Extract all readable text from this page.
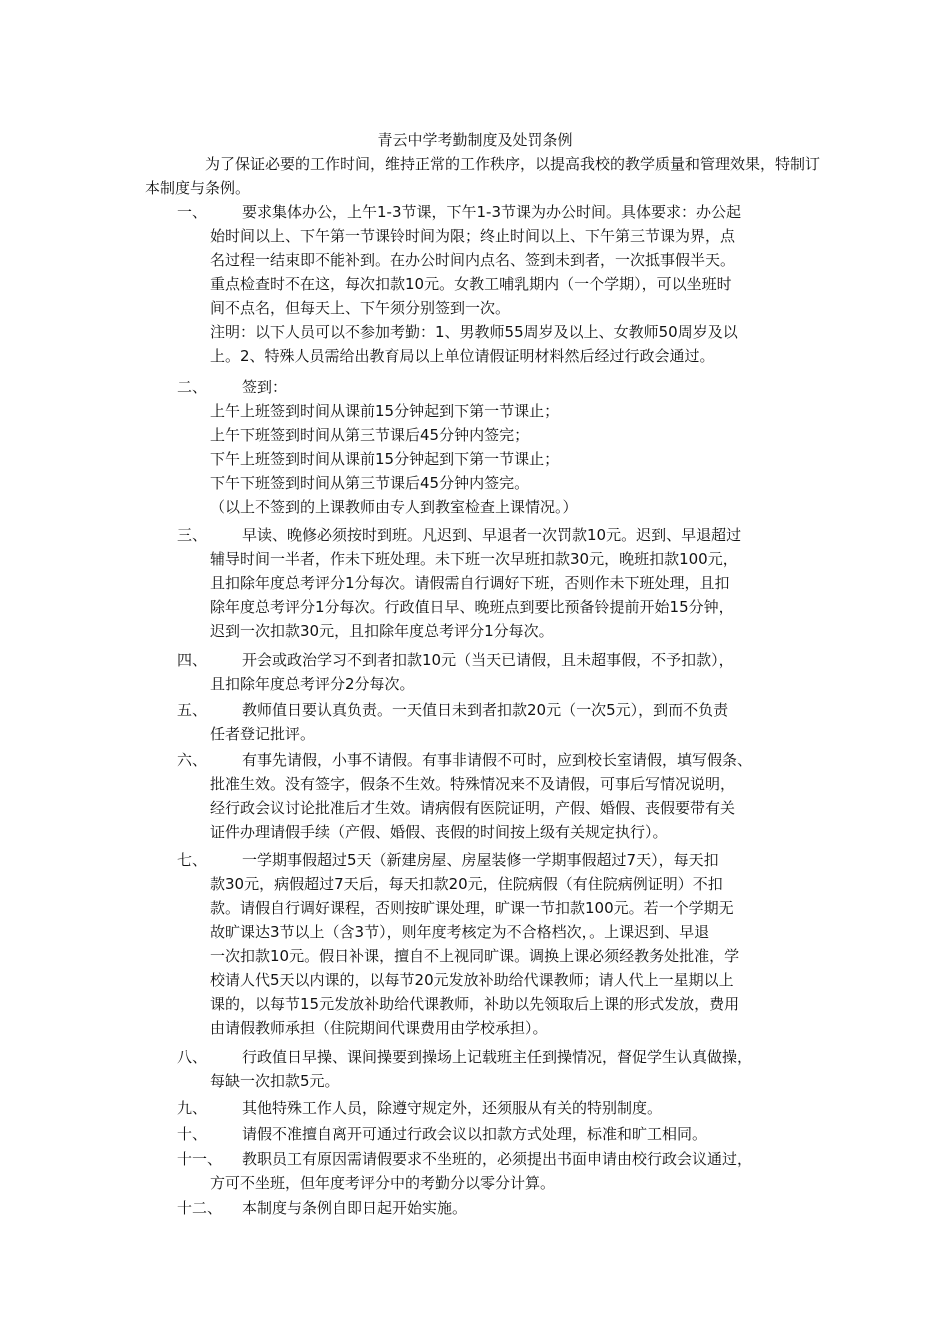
青云中学考勤制度及处罚条例

为了保证必要的工作时间，维持正常的工作秩序，以提高我校的教学质量和管理效果，特制订本制度与条例。

一、	要求集体办公，上午1-3节课，下午1-3节课为办公时间。具体要求：办公起

始时间以上、下午第一节课铃时间为限；终止时间以上、下午第三节课为界，点

名过程一结束即不能补到。在办公时间内点名、签到未到者，一次抵事假半天。

重点检查时不在这，每次扣款10元。女教工哺乳期内（一个学期），可以坐班时

间不点名，但每天上、下午须分别签到一次。

注明：以下人员可以不参加考勤：1、男教师55周岁及以上、女教师50周岁及以

上。2、特殊人员需给出教育局以上单位请假证明材料然后经过行政会通过。

二、	签到：

上午上班签到时间从课前15分钟起到下第一节课止；

上午下班签到时间从第三节课后45分钟内签完；

下午上班签到时间从课前15分钟起到下第一节课止；

下午下班签到时间从第三节课后45分钟内签完。

（以上不签到的上课教师由专人到教室检查上课情况。）

三、	早读、晚修必须按时到班。凡迟到、早退者一次罚款10元。迟到、早退超过

辅导时间一半者，作未下班处理。未下班一次早班扣款30元，晚班扣款100元，

且扣除年度总考评分1分每次。请假需自行调好下班，否则作未下班处理，且扣

除年度总考评分1分每次。行政值日早、晚班点到要比预备铃提前开始15分钟，

迟到一次扣款30元，且扣除年度总考评分1分每次。

四、	开会或政治学习不到者扣款10元（当天已请假，且未超事假，不予扣款），

且扣除年度总考评分2分每次。

五、	教师值日要认真负责。一天值日未到者扣款20元（一次5元），到而不负责

任者登记批评。

六、	有事先请假，小事不请假。有事非请假不可时，应到校长室请假，填写假条、

批准生效。没有签字，假条不生效。特殊情况来不及请假，可事后写情况说明，

经行政会议讨论批准后才生效。请病假有医院证明，产假、婚假、丧假要带有关

证件办理请假手续（产假、婚假、丧假的时间按上级有关规定执行）。

七、	一学期事假超过5天（新建房屋、房屋装修一学期事假超过7天），每天扣

款30元，病假超过7天后，每天扣款20元，住院病假（有住院病例证明）不扣

款。请假自行调好课程，否则按旷课处理，旷课一节扣款100元。若一个学期无

故旷课达3节以上（含3节），则年度考核定为不合格档次，。上课迟到、早退

一次扣款10元。假日补课，擅自不上视同旷课。调换上课必须经教务处批准，学

校请人代5天以内课的，以每节20元发放补助给代课教师；请人代上一星期以上

课的，以每节15元发放补助给代课教师，补助以先领取后上课的形式发放，费用

由请假教师承担（住院期间代课费用由学校承担）。

八、	行政值日早操、课间操要到操场上记载班主任到操情况，督促学生认真做操，

每缺一次扣款5元。

九、	其他特殊工作人员，除遵守规定外，还须服从有关的特别制度。

十、	请假不准擅自离开可通过行政会议以扣款方式处理，标准和旷工相同。

十一、	教职员工有原因需请假要求不坐班的，必须提出书面申请由校行政会议通过，

方可不坐班，但年度考评分中的考勤分以零分计算。

十二、	本制度与条例自即日起开始实施。
